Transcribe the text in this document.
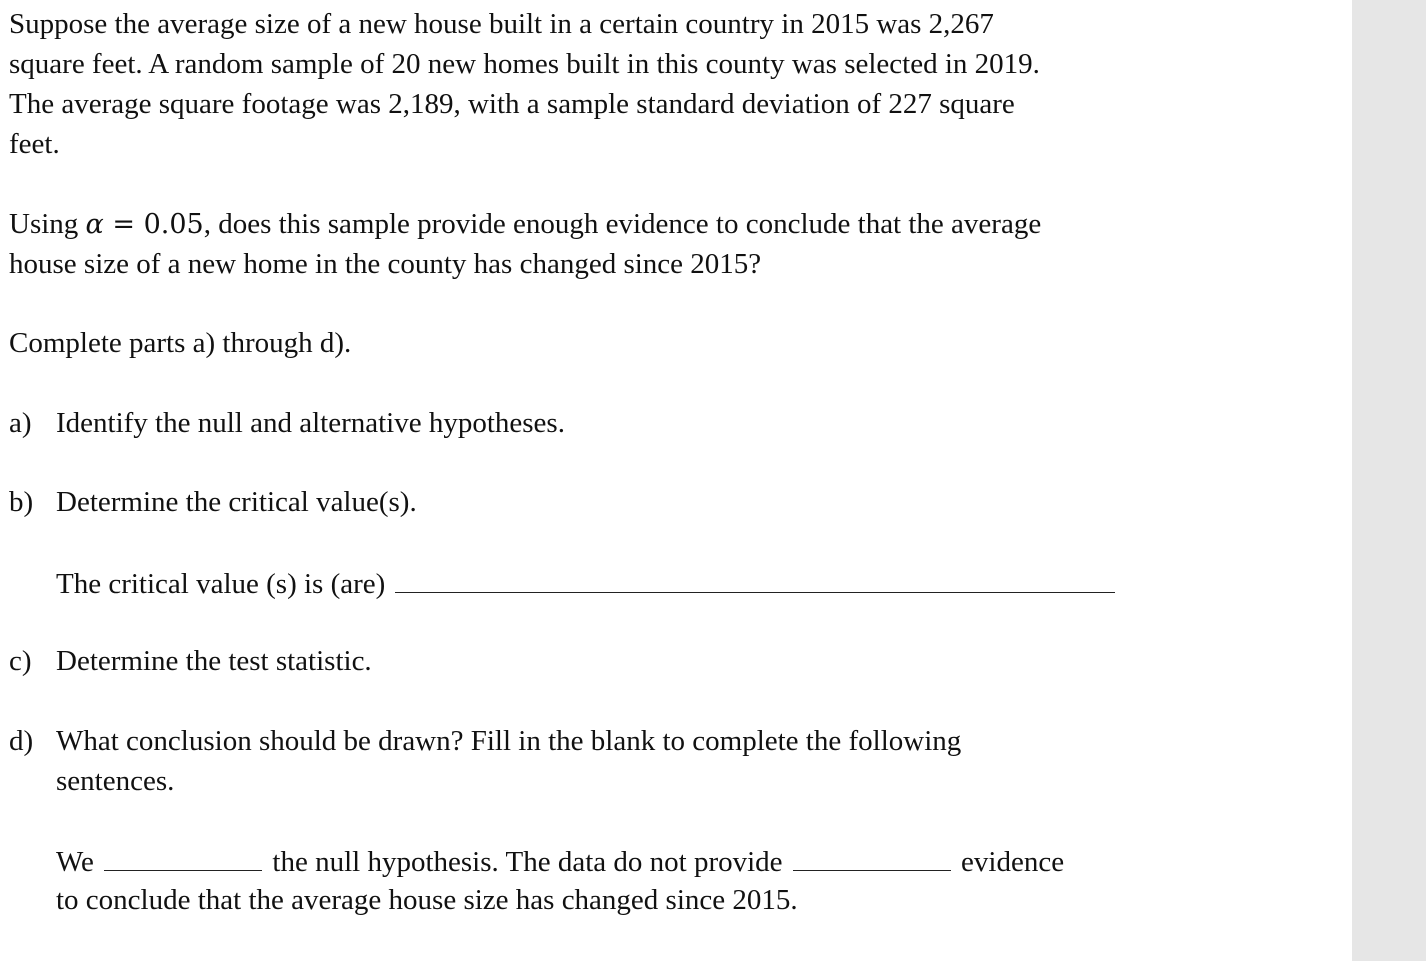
Suppose the average size of a new house built in a certain country in 2015 was 2,267

square feet. A random sample of 20 new homes built in this county was selected in 2019.

The average square footage was 2,189, with a sample standard deviation of 227 square

feet.

Using α = 0.05, does this sample provide enough evidence to conclude that the average

house size of a new home in the county has changed since 2015?

Complete parts a) through d).

a) Identify the null and alternative hypotheses.

b) Determine the critical value(s).

The critical value (s) is (are)

c) Determine the test statistic.

d) What conclusion should be drawn? Fill in the blank to complete the following

sentences.

We	the null hypothesis. The data do not provide	evidence

to conclude that the average house size has changed since 2015.
